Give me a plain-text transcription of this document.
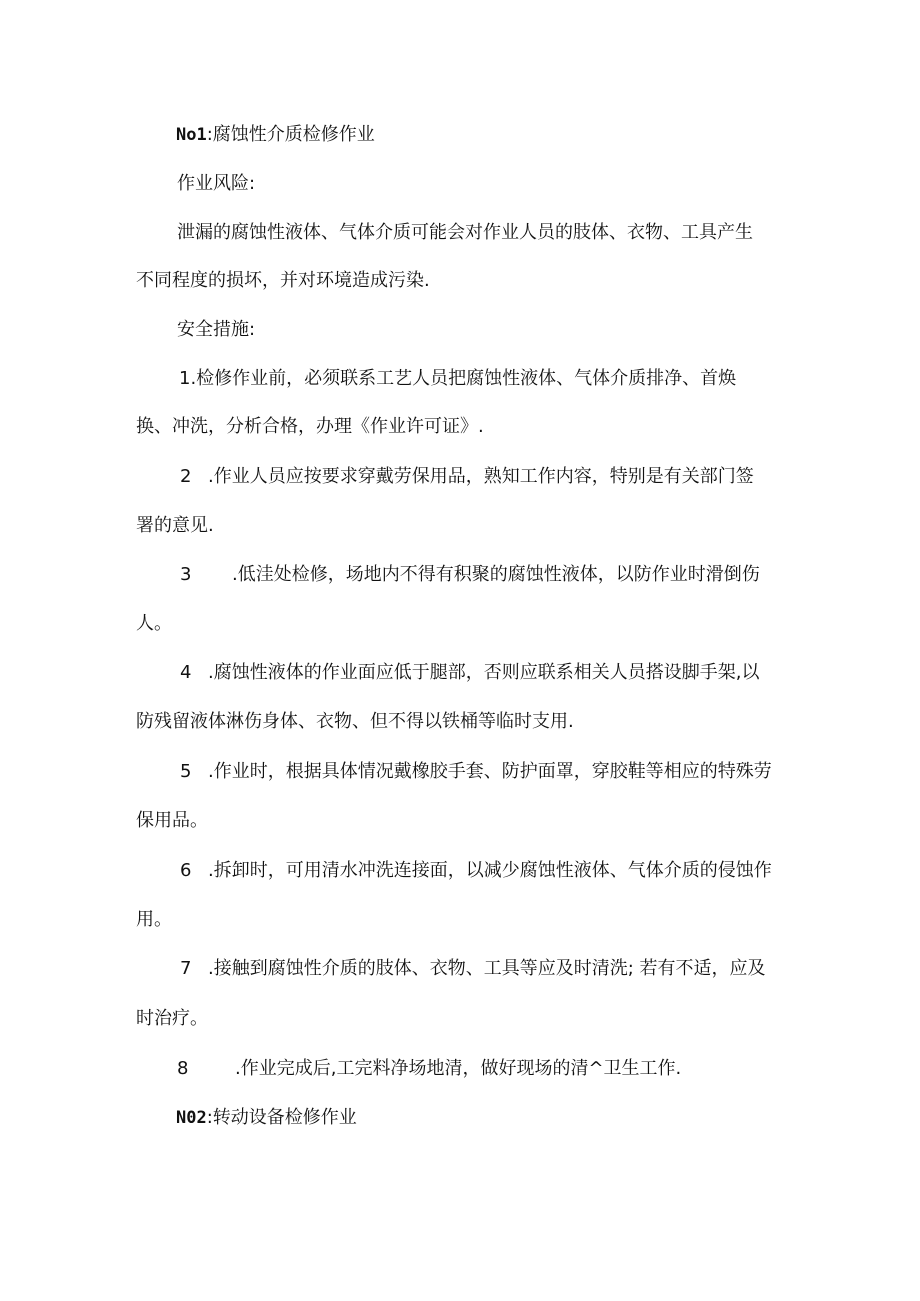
No1:腐蚀性介质检修作业
作业风险:
泄漏的腐蚀性液体、气体介质可能会对作业人员的肢体、衣物、工具产生
不同程度的损坏，并对环境造成污染.
安全措施:
1.检修作业前，必须联系工艺人员把腐蚀性液体、气体介质排净、首焕
换、冲洗，分析合格，办理《作业许可证》.
2 .作业人员应按要求穿戴劳保用品，熟知工作内容，特别是有关部门签
署的意见.
3 .低洼处检修，场地内不得有积聚的腐蚀性液体，以防作业时滑倒伤
人。
4 .腐蚀性液体的作业面应低于腿部，否则应联系相关人员搭设脚手架,以
防残留液体淋伤身体、衣物、但不得以铁桶等临时支用.
5 .作业时，根据具体情况戴橡胶手套、防护面罩，穿胶鞋等相应的特殊劳
保用品。
6 .拆卸时，可用清水冲洗连接面，以减少腐蚀性液体、气体介质的侵蚀作
用。
7 .接触到腐蚀性介质的肢体、衣物、工具等应及时清洗; 若有不适，应及
时治疗。
8	.作业完成后,工完料净场地清，做好现场的清^卫生工作.
N02:转动设备检修作业
